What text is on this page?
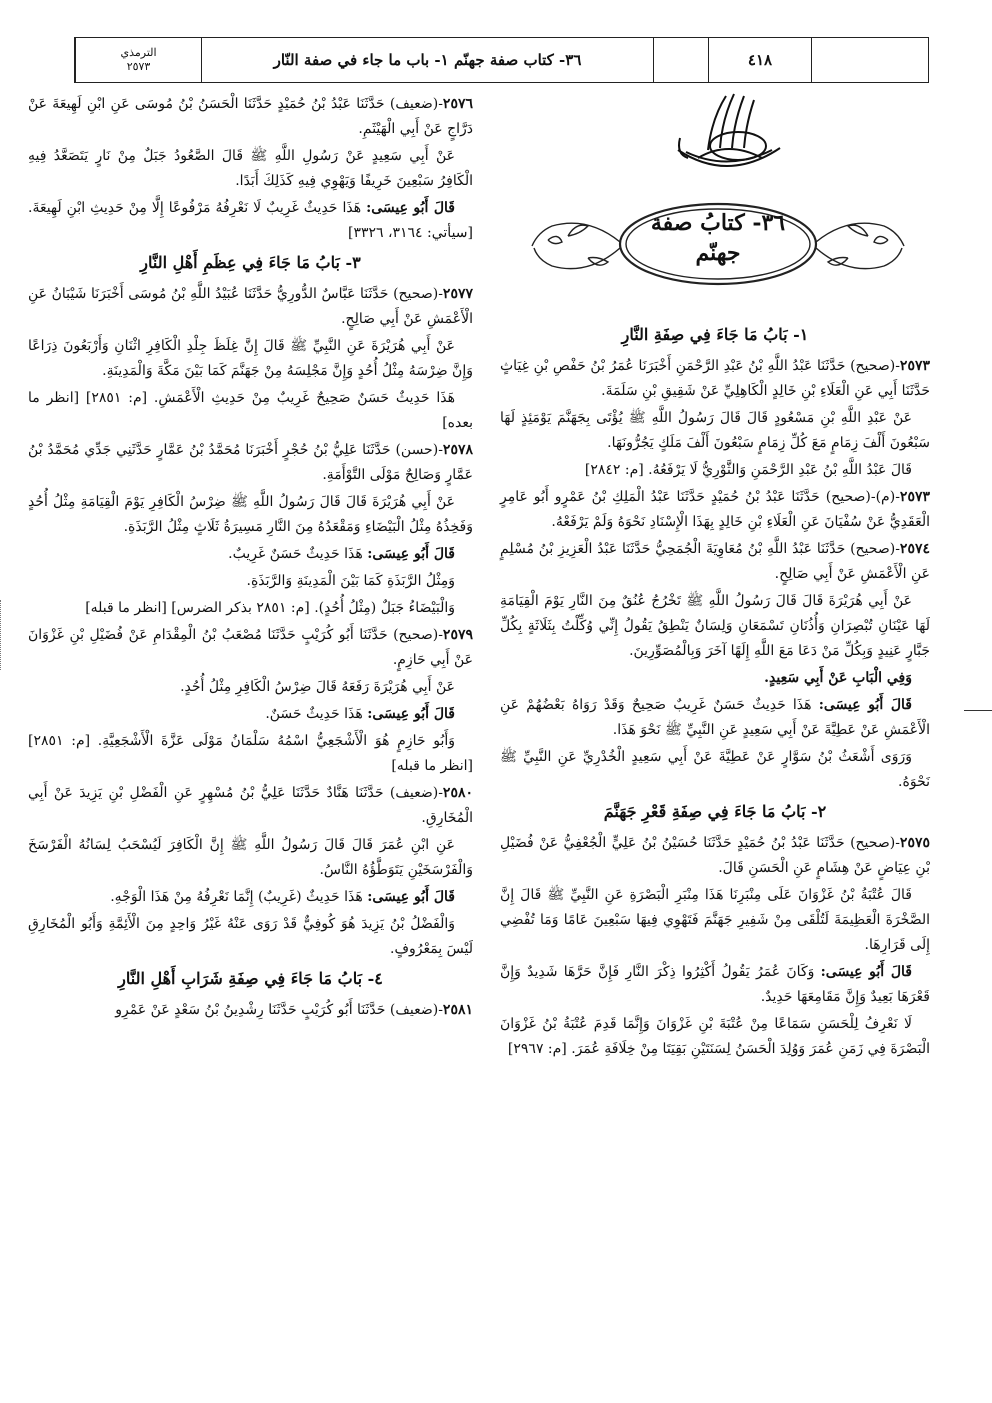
الترمذي
٢٥٧٣	٣٦- كتاب صفة جهنّم ١- باب ما جاء في صفة النّار	٤١٨
٣٦- كتابُ صفة
جهنّم
١- بَابُ مَا جَاءَ فِي صِفَةِ النَّارِ

٢٥٧٣-(صحيح) حَدَّثَنَا عَبْدُ اللَّهِ بْنُ عَبْدِ الرَّحْمَنِ أَخْبَرَنَا عُمَرُ بْنُ حَفْصِ بْنِ غِيَاثٍ حَدَّثَنَا أَبِي عَنِ الْعَلَاءِ بْنِ خَالِدٍ الْكَاهِلِيِّ عَنْ شَقِيقِ بْنِ سَلَمَةَ.

عَنْ عَبْدِ اللَّهِ بْنِ مَسْعُودٍ قَالَ قَالَ رَسُولُ اللَّهِ ﷺ يُؤْتَى بِجَهَنَّمَ يَوْمَئِذٍ لَهَا سَبْعُونَ أَلْفَ زِمَامٍ مَعَ كُلِّ زِمَامٍ سَبْعُونَ أَلْفَ مَلَكٍ يَجُرُّونَهَا.

قَالَ عَبْدُ اللَّهِ بْنُ عَبْدِ الرَّحْمَنِ وَالثَّوْرِيُّ لَا يَرْفَعُهُ. [م: ٢٨٤٢]

٢٥٧٣-(م)-(صحيح) حَدَّثَنَا عَبْدُ بْنُ حُمَيْدٍ حَدَّثَنَا عَبْدُ الْمَلِكِ بْنُ عَمْرٍو أَبُو عَامِرٍ الْعَقَدِيُّ عَنْ سُفْيَانَ عَنِ الْعَلَاءِ بْنِ خَالِدٍ بِهَذَا الْإِسْنَادِ نَحْوَهُ وَلَمْ يَرْفَعْهُ.

٢٥٧٤-(صحيح) حَدَّثَنَا عَبْدُ اللَّهِ بْنُ مُعَاوِيَةَ الْجُمَحِيُّ حَدَّثَنَا عَبْدُ الْعَزِيزِ بْنُ مُسْلِمٍ عَنِ الْأَعْمَشِ عَنْ أَبِي صَالِحٍ.

عَنْ أَبِي هُرَيْرَةَ قَالَ قَالَ رَسُولُ اللَّهِ ﷺ تَخْرُجُ عُنُقٌ مِنَ النَّارِ يَوْمَ الْقِيَامَةِ لَهَا عَيْنَانِ تُبْصِرَانِ وَأُذُنَانِ تَسْمَعَانِ وَلِسَانٌ يَنْطِقُ يَقُولُ إِنِّي وُكِّلْتُ بِثَلَاثَةٍ بِكُلِّ جَبَّارٍ عَنِيدٍ وَبِكُلِّ مَنْ دَعَا مَعَ اللَّهِ إِلَهًا آخَرَ وَبِالْمُصَوِّرِينَ.

وَفِي الْبَابِ عَنْ أَبِي سَعِيدٍ.

قَالَ أَبُو عِيسَى: هَذَا حَدِيثٌ حَسَنٌ غَرِيبٌ صَحِيحٌ وَقَدْ رَوَاهُ بَعْضُهُمْ عَنِ الْأَعْمَشِ عَنْ عَطِيَّةَ عَنْ أَبِي سَعِيدٍ عَنِ النَّبِيِّ ﷺ نَحْوَ هَذَا.

وَرَوَى أَشْعَثُ بْنُ سَوَّارٍ عَنْ عَطِيَّةَ عَنْ أَبِي سَعِيدٍ الْخُدْرِيِّ عَنِ النَّبِيِّ ﷺ نَحْوَهُ.

٢- بَابُ مَا جَاءَ فِي صِفَةِ قَعْرِ جَهَنَّمَ

٢٥٧٥-(صحيح) حَدَّثَنَا عَبْدُ بْنُ حُمَيْدٍ حَدَّثَنَا حُسَيْنُ بْنُ عَلِيٍّ الْجُعْفِيُّ عَنْ فُضَيْلِ بْنِ عِيَاضٍ عَنْ هِشَامٍ عَنِ الْحَسَنِ قَالَ.

قَالَ عُتْبَةُ بْنُ غَزْوَانَ عَلَى مِنْبَرِنَا هَذَا مِنْبَرِ الْبَصْرَةِ عَنِ النَّبِيِّ ﷺ قَالَ إِنَّ الصَّخْرَةَ الْعَظِيمَةَ لَتُلْقَى مِنْ شَفِيرِ جَهَنَّمَ فَتَهْوِي فِيهَا سَبْعِينَ عَامًا وَمَا تُفْضِي إِلَى قَرَارِهَا.

قَالَ أَبُو عِيسَى: وَكَانَ عُمَرُ يَقُولُ أَكْثِرُوا ذِكْرَ النَّارِ فَإِنَّ حَرَّهَا شَدِيدٌ وَإِنَّ قَعْرَهَا بَعِيدٌ وَإِنَّ مَقَامِعَهَا حَدِيدٌ.

لَا نَعْرِفُ لِلْحَسَنِ سَمَاعًا مِنْ عُتْبَةَ بْنِ غَزْوَانَ وَإِنَّمَا قَدِمَ عُتْبَةُ بْنُ غَزْوَانَ الْبَصْرَةَ فِي زَمَنِ عُمَرَ وَوُلِدَ الْحَسَنُ لِسَنَتَيْنِ بَقِيَتَا مِنْ خِلَافَةِ عُمَرَ. [م: ٢٩٦٧]

٢٥٧٦-(ضعيف) حَدَّثَنَا عَبْدُ بْنُ حُمَيْدٍ حَدَّثَنَا الْحَسَنُ بْنُ مُوسَى عَنِ ابْنِ لَهِيعَةَ عَنْ دَرَّاجٍ عَنْ أَبِي الْهَيْثَمِ.

عَنْ أَبِي سَعِيدٍ عَنْ رَسُولِ اللَّهِ ﷺ قَالَ الصَّعُودُ جَبَلٌ مِنْ نَارٍ يَتَصَعَّدُ فِيهِ الْكَافِرُ سَبْعِينَ خَرِيفًا وَيَهْوِي فِيهِ كَذَلِكَ أَبَدًا.

قَالَ أَبُو عِيسَى: هَذَا حَدِيثٌ غَرِيبٌ لَا نَعْرِفُهُ مَرْفُوعًا إِلَّا مِنْ حَدِيثِ ابْنِ لَهِيعَةَ. [سيأتي: ٣١٦٤، ٣٣٢٦]

٣- بَابُ مَا جَاءَ فِي عِظَمِ أَهْلِ النَّارِ

٢٥٧٧-(صحيح) حَدَّثَنَا عَبَّاسٌ الدُّورِيُّ حَدَّثَنَا عُبَيْدُ اللَّهِ بْنُ مُوسَى أَخْبَرَنَا شَيْبَانُ عَنِ الْأَعْمَشِ عَنْ أَبِي صَالِحٍ.

عَنْ أَبِي هُرَيْرَةَ عَنِ النَّبِيِّ ﷺ قَالَ إِنَّ غِلَظَ جِلْدِ الْكَافِرِ اثْنَانِ وَأَرْبَعُونَ ذِرَاعًا وَإِنَّ ضِرْسَهُ مِثْلُ أُحُدٍ وَإِنَّ مَجْلِسَهُ مِنْ جَهَنَّمَ كَمَا بَيْنَ مَكَّةَ وَالْمَدِينَةِ.

هَذَا حَدِيثٌ حَسَنٌ صَحِيحٌ غَرِيبٌ مِنْ حَدِيثِ الْأَعْمَشِ. [م: ٢٨٥١] [انظر ما بعده]

٢٥٧٨-(حسن) حَدَّثَنَا عَلِيُّ بْنُ حُجْرٍ أَخْبَرَنَا مُحَمَّدُ بْنُ عَمَّارٍ حَدَّثَنِي جَدِّي مُحَمَّدُ بْنُ عَمَّارٍ وَصَالِحٌ مَوْلَى التَّوْأَمَةِ.

عَنْ أَبِي هُرَيْرَةَ قَالَ قَالَ رَسُولُ اللَّهِ ﷺ ضِرْسُ الْكَافِرِ يَوْمَ الْقِيَامَةِ مِثْلُ أُحُدٍ وَفَخِذُهُ مِثْلُ الْبَيْضَاءِ وَمَقْعَدُهُ مِنَ النَّارِ مَسِيرَةُ ثَلَاثٍ مِثْلُ الرَّبَذَةِ.

قَالَ أَبُو عِيسَى: هَذَا حَدِيثٌ حَسَنٌ غَرِيبٌ.

وَمِثْلُ الرَّبَذَةِ كَمَا بَيْنَ الْمَدِينَةِ وَالرَّبَذَةِ.

وَالْبَيْضَاءُ جَبَلٌ (مِثْلُ أُحُدٍ). [م: ٢٨٥١ بذكر الضرس] [انظر ما قبله]

٢٥٧٩-(صحيح) حَدَّثَنَا أَبُو كُرَيْبٍ حَدَّثَنَا مُصْعَبُ بْنُ الْمِقْدَامِ عَنْ فُضَيْلِ بْنِ غَزْوَانَ عَنْ أَبِي حَازِمٍ.

عَنْ أَبِي هُرَيْرَةَ رَفَعَهُ قَالَ ضِرْسُ الْكَافِرِ مِثْلُ أُحُدٍ.

قَالَ أَبُو عِيسَى: هَذَا حَدِيثٌ حَسَنٌ.

وَأَبُو حَازِمٍ هُوَ الْأَشْجَعِيُّ اسْمُهُ سَلْمَانُ مَوْلَى عَزَّةَ الْأَشْجَعِيَّةِ. [م: ٢٨٥١] [انظر ما قبله]

٢٥٨٠-(ضعيف) حَدَّثَنَا هَنَّادٌ حَدَّثَنَا عَلِيُّ بْنُ مُسْهِرٍ عَنِ الْفَضْلِ بْنِ يَزِيدَ عَنْ أَبِي الْمُخَارِقِ.

عَنِ ابْنِ عُمَرَ قَالَ قَالَ رَسُولُ اللَّهِ ﷺ إِنَّ الْكَافِرَ لَيُسْحَبُ لِسَانُهُ الْفَرْسَخَ وَالْفَرْسَخَيْنِ يَتَوَطَّؤُهُ النَّاسُ.

قَالَ أَبُو عِيسَى: هَذَا حَدِيثٌ (غَرِيبٌ) إِنَّمَا نَعْرِفُهُ مِنْ هَذَا الْوَجْهِ.

وَالْفَضْلُ بْنُ يَزِيدَ هُوَ كُوفِيٌّ قَدْ رَوَى عَنْهُ غَيْرُ وَاحِدٍ مِنَ الْأَئِمَّةِ وَأَبُو الْمُخَارِقِ لَيْسَ بِمَعْرُوفٍ.

٤- بَابُ مَا جَاءَ فِي صِفَةِ شَرَابِ أَهْلِ النَّارِ

٢٥٨١-(ضعيف) حَدَّثَنَا أَبُو كُرَيْبٍ حَدَّثَنَا رِشْدِينُ بْنُ سَعْدٍ عَنْ عَمْرِو
